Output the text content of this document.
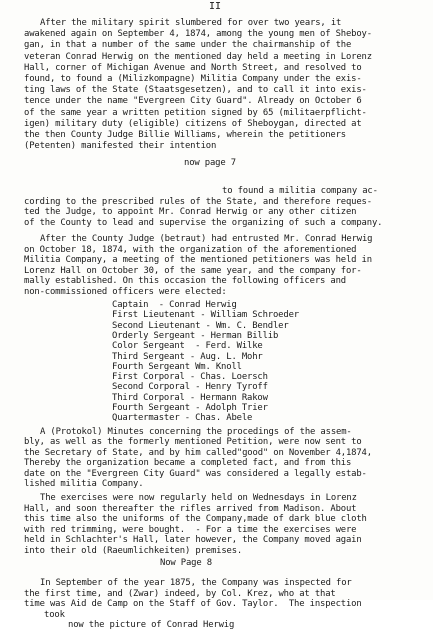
II
After the military spirit slumbered for over two years, it
awakened again on September 4, 1874, among the young men of Sheboy-
gan, in that a number of the same under the chairmanship of the
veteran Conrad Herwig on the mentioned day held a meeting in Lorenz
Hall, corner of Michigan Avenue and North Street, and resolved to
found, to found a (Milizkompagne) Militia Company under the exis-
ting laws of the State (Staatsgesetzen), and to call it into exis-
tence under the name "Evergreen City Guard". Already on October 6
of the same year a written petition signed by 65 (militaerpflicht-
igen) military duty (eligible) citizens of Sheboygan, directed at
the then County Judge Billie Williams, wherein the petitioners
(Petenten) manifested their intention
now page 7
to found a militia company ac-
cording to the prescribed rules of the State, and therefore reques-
ted the Judge, to appoint Mr. Conrad Herwig or any other citizen
of the County to lead and supervise the organizing of such a company.
After the County Judge (betraut) had entrusted Mr. Conrad Herwig
on October 18, 1874, with the organization of the aforementioned
Militia Company, a meeting of the mentioned petitioners was held in
Lorenz Hall on October 30, of the same year, and the company for-
mally established. On this occasion the following officers and
non-commissioned officers were elected:
Captain  - Conrad Herwig
First Lieutenant - William Schroeder
Second Lieutenant - Wm. C. Bendler
Orderly Sergeant - Herman Billib
Color Sergeant  - Ferd. Wilke
Third Sergeant - Aug. L. Mohr
Fourth Sergeant Wm. Knoll
First Corporal - Chas. Loersch
Second Corporal - Henry Tyroff
Third Corporal - Hermann Rakow
Fourth Sergeant - Adolph Trier
Quartermaster - Chas. Abele
A (Protokol) Minutes concerning the procedings of the assem-
bly, as well as the formerly mentioned Petition, were now sent to
the Secretary of State, and by him called"good" on November 4,1874,
Thereby the organization became a completed fact, and from this
date on the "Evergreen City Guard" was considered a legally estab-
lished militia Company.
The exercises were now regularly held on Wednesdays in Lorenz
Hall, and soon thereafter the rifles arrived from Madison. About
this time also the uniforms of the Company,made of dark blue cloth
with red trimming, were bought.  - For a time the exercises were
held in Schlachter's Hall, later however, the Company moved again
into their old (Raeumlichkeiten) premises.
Now Page 8
In September of the year 1875, the Company was inspected for
the first time, and (Zwar) indeed, by Col. Krez, who at that
time was Aid de Camp on the Staff of Gov. Taylor.  The inspection
took
now the picture of Conrad Herwig
